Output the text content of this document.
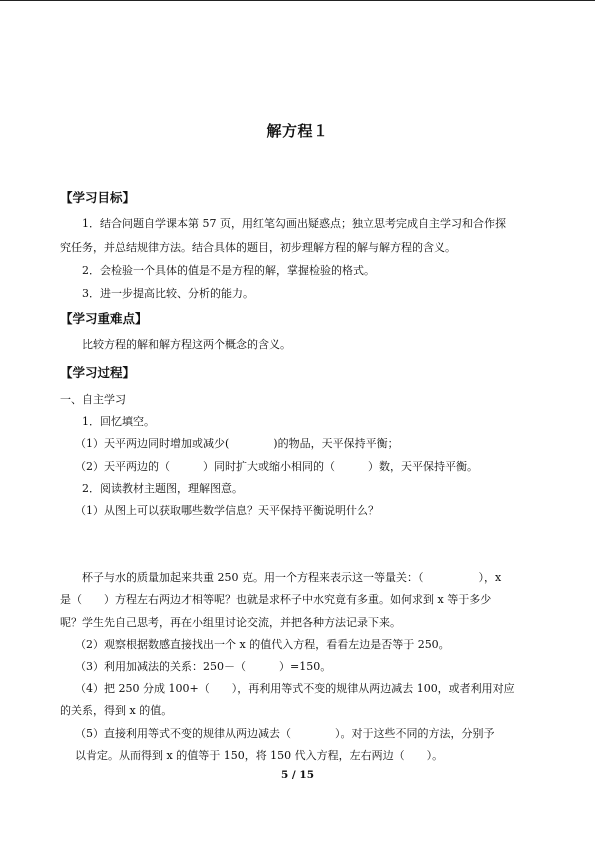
解方程１
【学习目标】
1．结合问题自学课本第 57 页，用红笔勾画出疑惑点；独立思考完成自主学习和合作探
究任务，并总结规律方法。结合具体的题目，初步理解方程的解与解方程的含义。
2．会检验一个具体的值是不是方程的解，掌握检验的格式。
3．进一步提高比较、分析的能力。
【学习重难点】
比较方程的解和解方程这两个概念的含义。
【学习过程】
一、自主学习
1．回忆填空。
（1）天平两边同时增加或减少(　　　　)的物品，天平保持平衡；
（2）天平两边的（　　　）同时扩大或缩小相同的（　　　）数，天平保持平衡。
2．阅读教材主题图，理解图意。
（1）从图上可以获取哪些数学信息？天平保持平衡说明什么？
杯子与水的质量加起来共重 250 克。用一个方程来表示这一等量关：（　　　　　），x
是（　　）方程左右两边才相等呢？也就是求杯子中水究竟有多重。如何求到 x 等于多少
呢？学生先自己思考，再在小组里讨论交流，并把各种方法记录下来。
（2）观察根据数感直接找出一个 x 的值代入方程，看看左边是否等于 250。
（3）利用加减法的关系：250－（　　　）=150。
（4）把 250 分成 100+（　　），再利用等式不变的规律从两边减去 100，或者利用对应
的关系，得到 x 的值。
（5）直接利用等式不变的规律从两边减去（　　　　）。对于这些不同的方法，分别予
以肯定。从而得到 x 的值等于 150，将 150 代入方程，左右两边（　　）。
5 / 15
